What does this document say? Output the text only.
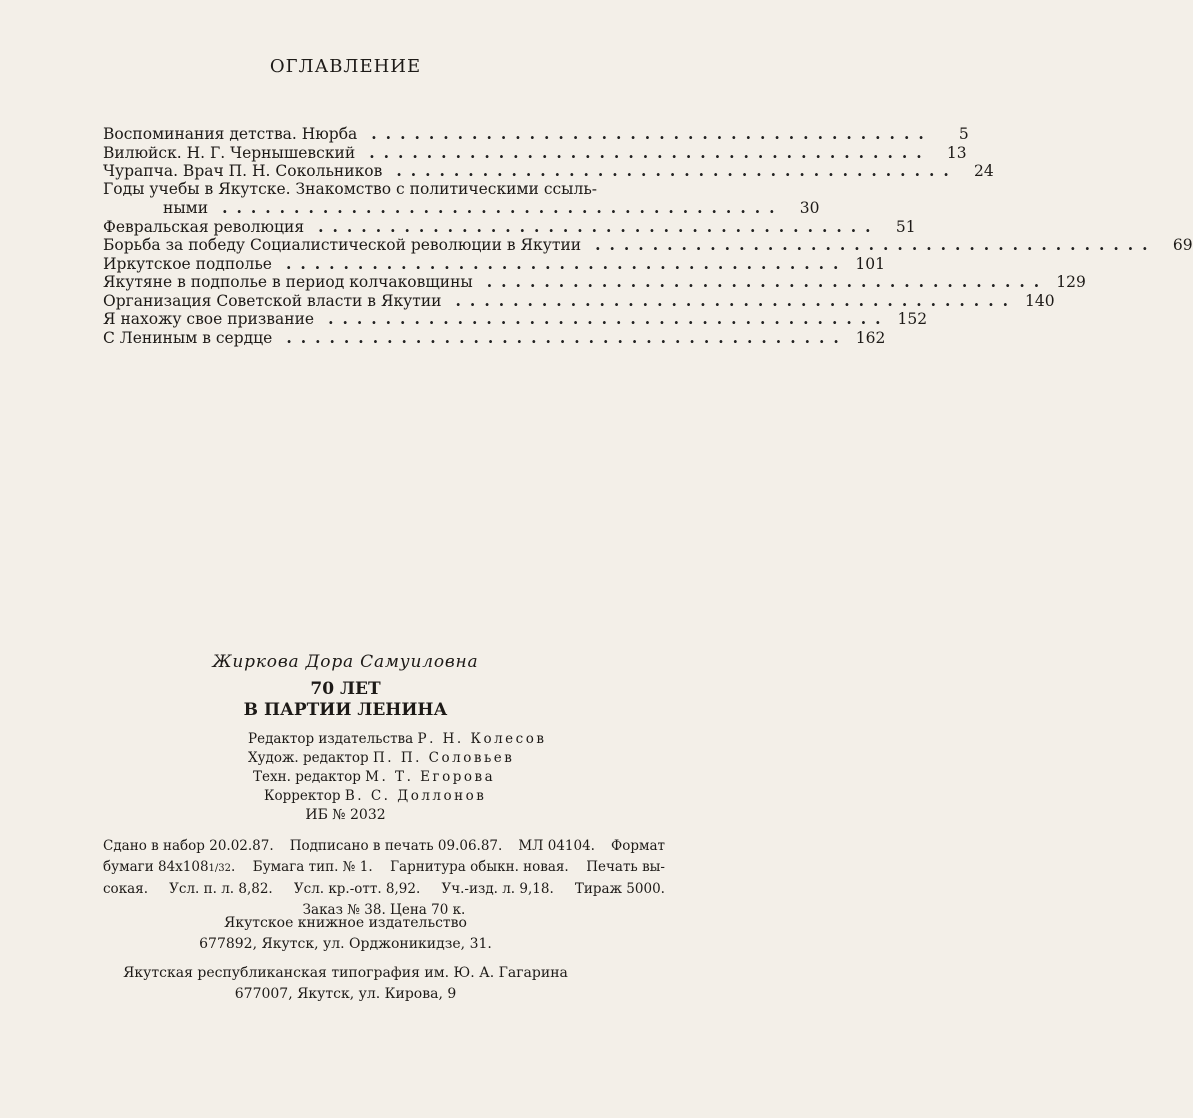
ОГЛАВЛЕНИЕ
Воспоминания детства. Нюрба .......................................	5
Вилюйск. Н. Г. Чернышевский .......................................	13
Чурапча. Врач П. Н. Сокольников .......................................	24
Годы учебы в Якутске. Знакомство с политическими ссыль-
ными .......................................	30
Февральская революция .......................................	51
Борьба за победу Социалистической революции в Якутии .......................................	69
Иркутское подполье ....................................... 101
Якутяне в подполье в период колчаковщины ....................................... 129
Организация Советской власти в Якутии ....................................... 140
Я нахожу свое призвание ....................................... 152
С Лениным в сердце ....................................... 162
Жиркова Дора Самуиловна
70 ЛЕТ
В ПАРТИИ ЛЕНИНА
Редактор издательства Р. Н. Колесов
Худож. редактор П. П. Соловьев
Техн. редактор М. Т. Егорова
Корректор В. С. Доллонов
ИБ № 2032
Сдано в набор 20.02.87. Подписано в печать 09.06.87. МЛ 04104. Формат
бумаги 84х1081/32. Бумага тип. № 1. Гарнитура обыкн. новая. Печать вы-
сокая. Усл. п. л. 8,82. Усл. кр.-отт. 8,92. Уч.-изд. л. 9,18. Тираж 5000.
Заказ № 38. Цена 70 к.
Якутское книжное издательство
677892, Якутск, ул. Орджоникидзе, 31.
Якутская республиканская типография им. Ю. А. Гагарина
677007, Якутск, ул. Кирова, 9
